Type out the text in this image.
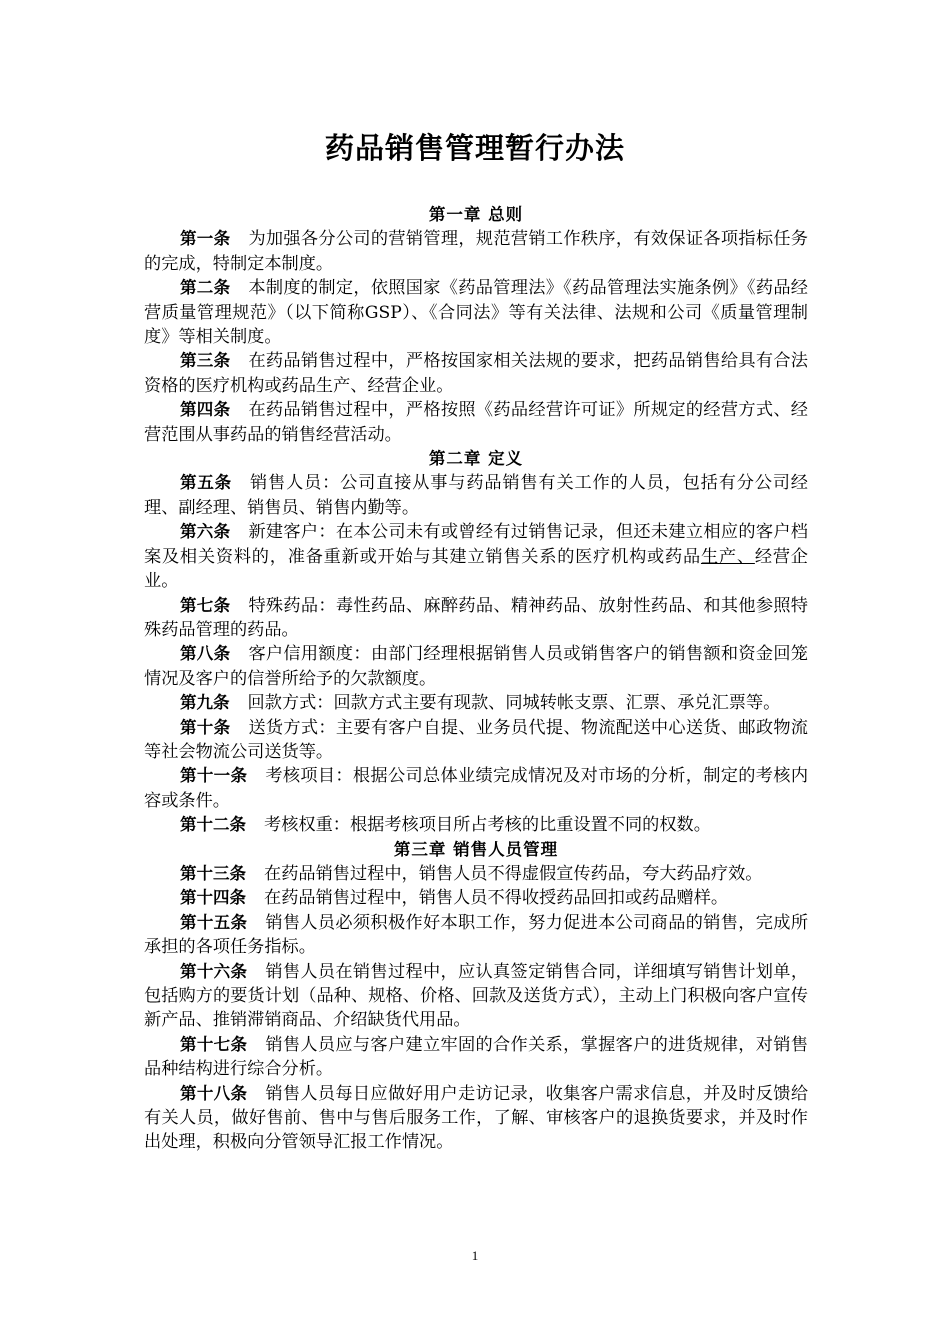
药品销售管理暂行办法
第一章 总则

第一条 为加强各分公司的营销管理，规范营销工作秩序，有效保证各项指标任务的完成，特制定本制度。

第二条 本制度的制定，依照国家《药品管理法》《药品管理法实施条例》《药品经营质量管理规范》（以下简称GSP）、《合同法》等有关法律、法规和公司《质量管理制度》等相关制度。

第三条 在药品销售过程中，严格按国家相关法规的要求，把药品销售给具有合法资格的医疗机构或药品生产、经营企业。

第四条 在药品销售过程中，严格按照《药品经营许可证》所规定的经营方式、经营范围从事药品的销售经营活动。

第二章 定义

第五条 销售人员：公司直接从事与药品销售有关工作的人员，包括有分公司经理、副经理、销售员、销售内勤等。

第六条 新建客户：在本公司未有或曾经有过销售记录，但还未建立相应的客户档案及相关资料的，准备重新或开始与其建立销售关系的医疗机构或药品生产、经营企业。

第七条 特殊药品：毒性药品、麻醉药品、精神药品、放射性药品、和其他参照特殊药品管理的药品。

第八条 客户信用额度：由部门经理根据销售人员或销售客户的销售额和资金回笼情况及客户的信誉所给予的欠款额度。

第九条 回款方式：回款方式主要有现款、同城转帐支票、汇票、承兑汇票等。

第十条 送货方式：主要有客户自提、业务员代提、物流配送中心送货、邮政物流等社会物流公司送货等。

第十一条 考核项目：根据公司总体业绩完成情况及对市场的分析，制定的考核内容或条件。

第十二条 考核权重：根据考核项目所占考核的比重设置不同的权数。

第三章 销售人员管理

第十三条 在药品销售过程中，销售人员不得虚假宣传药品，夸大药品疗效。

第十四条 在药品销售过程中，销售人员不得收授药品回扣或药品赠样。

第十五条 销售人员必须积极作好本职工作，努力促进本公司商品的销售，完成所承担的各项任务指标。

第十六条 销售人员在销售过程中，应认真签定销售合同，详细填写销售计划单，包括购方的要货计划（品种、规格、价格、回款及送货方式），主动上门积极向客户宣传新产品、推销滞销商品、介绍缺货代用品。

第十七条 销售人员应与客户建立牢固的合作关系，掌握客户的进货规律，对销售品种结构进行综合分析。

第十八条 销售人员每日应做好用户走访记录，收集客户需求信息，并及时反馈给有关人员，做好售前、售中与售后服务工作，了解、审核客户的退换货要求，并及时作出处理，积极向分管领导汇报工作情况。

1
